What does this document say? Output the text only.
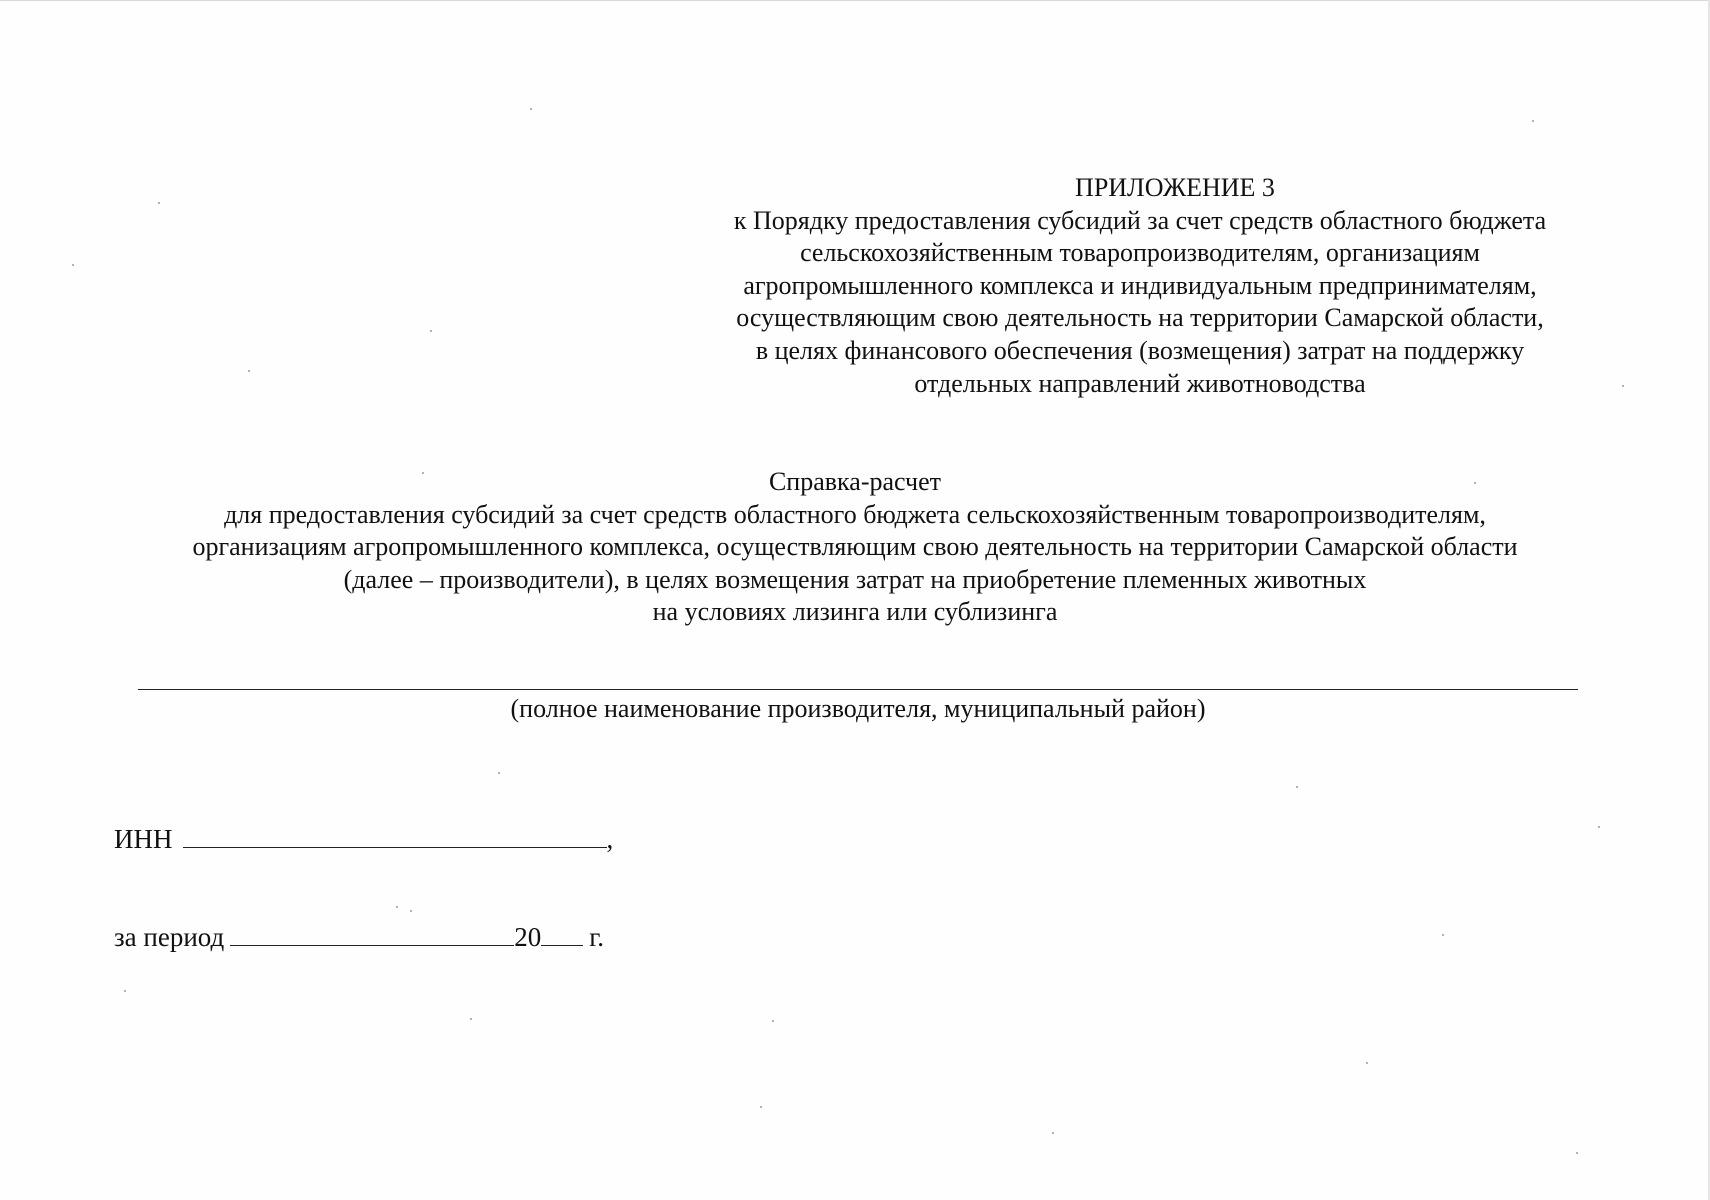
ПРИЛОЖЕНИЕ 3
к Порядку предоставления субсидий за счет средств областного бюджета
сельскохозяйственным товаропроизводителям, организациям
агропромышленного комплекса и индивидуальным предпринимателям,
осуществляющим свою деятельность на территории Самарской области,
в целях финансового обеспечения (возмещения) затрат на поддержку
отдельных направлений животноводства
Справка-расчет
для предоставления субсидий за счет средств областного бюджета сельскохозяйственным товаропроизводителям,
организациям агропромышленного комплекса, осуществляющим свою деятельность на территории Самарской области
(далее – производители), в целях возмещения затрат на приобретение племенных животных
на условиях лизинга или сублизинга
(полное наименование производителя, муниципальный район)
ИНН	,
за период	20 г.
